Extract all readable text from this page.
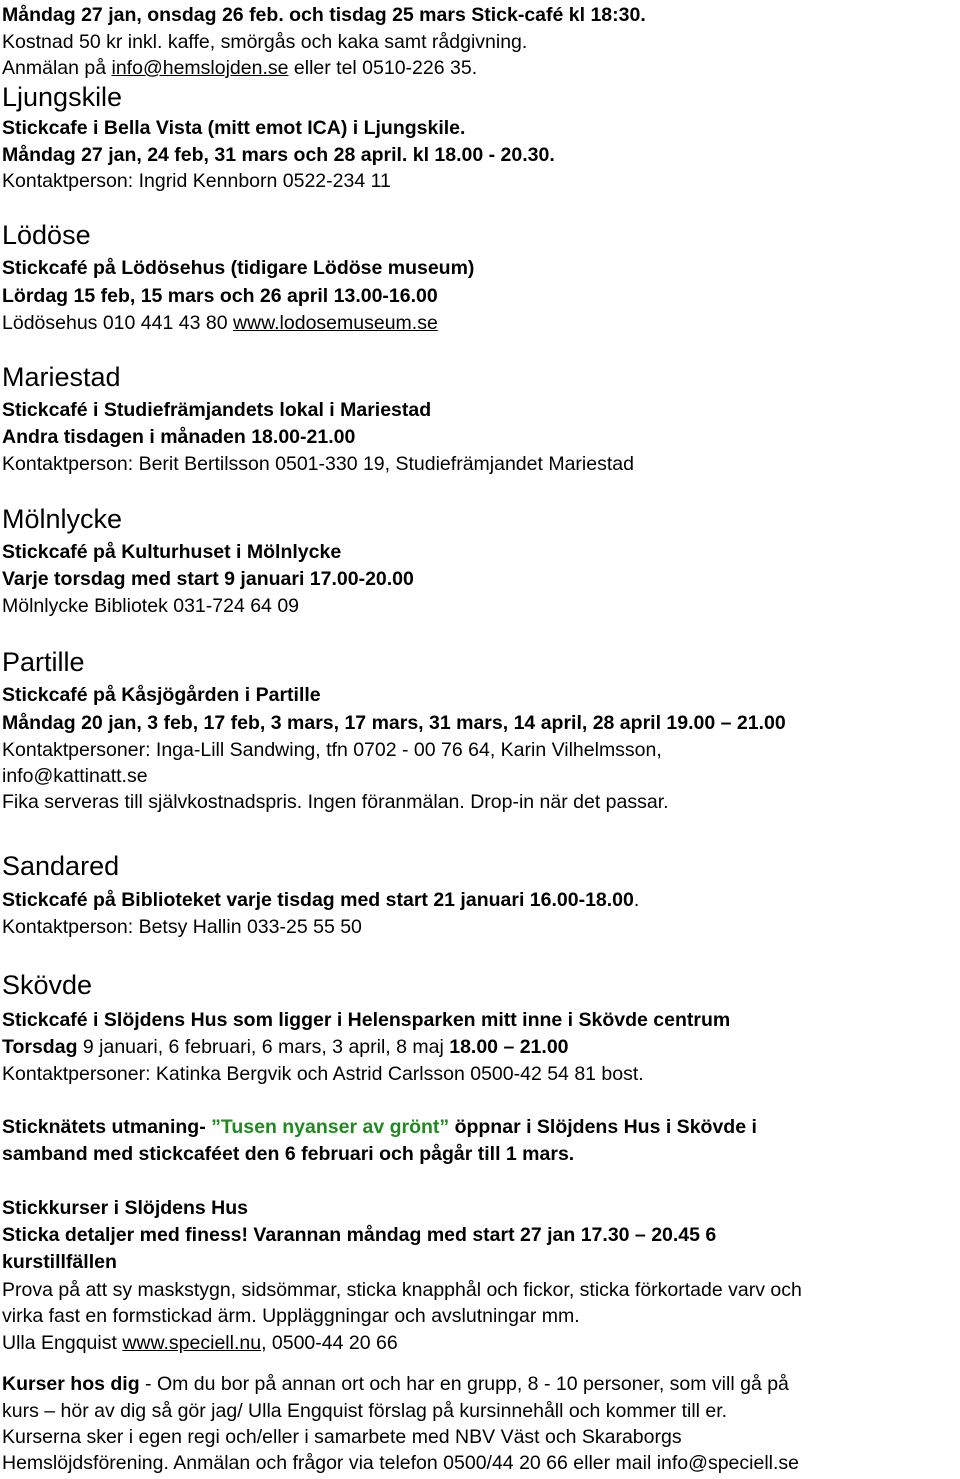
Måndag 27 jan, onsdag 26 feb. och tisdag 25 mars Stick-café kl 18:30.

Kostnad 50 kr inkl. kaffe, smörgås och kaka samt rådgivning.

Anmälan på info@hemslojden.se eller tel 0510-226 35.

Ljungskile

Stickcafe i Bella Vista (mitt emot ICA) i Ljungskile.

Måndag 27 jan, 24 feb, 31 mars och 28 april. kl 18.00 - 20.30.

Kontaktperson: Ingrid Kennborn 0522-234 11

Lödöse

Stickcafé på Lödösehus (tidigare Lödöse museum)

Lördag 15 feb, 15 mars och 26 april 13.00-16.00

Lödösehus 010 441 43 80 www.lodosemuseum.se

Mariestad

Stickcafé i Studiefrämjandets lokal i Mariestad

Andra tisdagen i månaden 18.00-21.00

Kontaktperson: Berit Bertilsson 0501-330 19, Studiefrämjandet Mariestad

Mölnlycke

Stickcafé på Kulturhuset i Mölnlycke

Varje torsdag med start 9 januari 17.00-20.00

Mölnlycke Bibliotek 031-724 64 09

Partille

Stickcafé på Kåsjögården i Partille

Måndag 20 jan, 3 feb, 17 feb, 3 mars, 17 mars, 31 mars, 14 april, 28 april 19.00 – 21.00

Kontaktpersoner: Inga-Lill Sandwing, tfn 0702 - 00 76 64, Karin Vilhelmsson,

info@kattinatt.se

Fika serveras till självkostnadspris. Ingen föranmälan. Drop-in när det passar.

Sandared

Stickcafé på Biblioteket varje tisdag med start 21 januari 16.00-18.00.

Kontaktperson: Betsy Hallin 033-25 55 50

Skövde

Stickcafé i Slöjdens Hus som ligger i Helensparken mitt inne i Skövde centrum

Torsdag 9 januari, 6 februari, 6 mars, 3 april, 8 maj 18.00 – 21.00

Kontaktpersoner: Katinka Bergvik och Astrid Carlsson 0500-42 54 81 bost.

Sticknätets utmaning- ”Tusen nyanser av grönt” öppnar i Slöjdens Hus i Skövde i

samband med stickcaféet den 6 februari och pågår till 1 mars.

Stickkurser i Slöjdens Hus

Sticka detaljer med finess! Varannan måndag med start 27 jan 17.30 – 20.45 6

kurstillfällen

Prova på att sy maskstygn, sidsömmar, sticka knapphål och fickor, sticka förkortade varv och

virka fast en formstickad ärm. Uppläggningar och avslutningar mm.

Ulla Engquist www.speciell.nu, 0500-44 20 66

Kurser hos dig - Om du bor på annan ort och har en grupp, 8 - 10 personer, som vill gå på

kurs – hör av dig så gör jag/ Ulla Engquist förslag på kursinnehåll och kommer till er.

Kurserna sker i egen regi och/eller i samarbete med NBV Väst och Skaraborgs

Hemslöjdsförening. Anmälan och frågor via telefon 0500/44 20 66 eller mail info@speciell.se
